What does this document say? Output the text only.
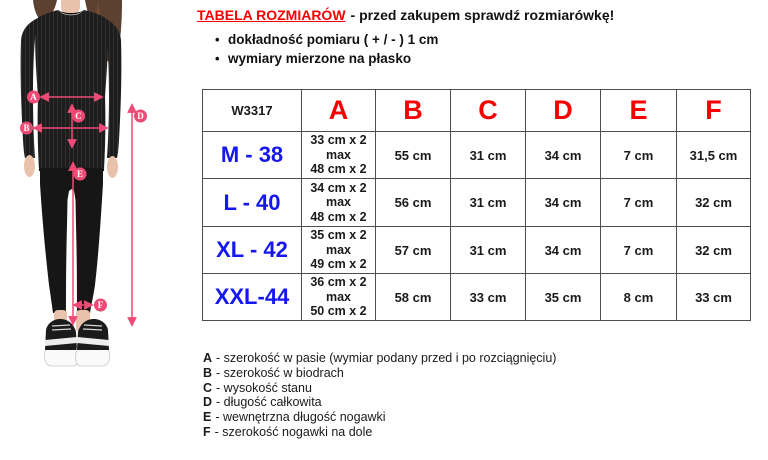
A
B
C	D
E
F
TABELA ROZMIARÓW - przed zakupem sprawdź rozmiarówkę!
• dokładność pomiaru ( + / - ) 1 cm
• wymiary mierzone na płasko
W3317	A	B	C	D	E	F
M - 38	33 cm x 2
max
48 cm x 2	55 cm	31 cm	34 cm	7 cm	31,5 cm
L - 40	34 cm x 2
max
48 cm x 2	56 cm	31 cm	34 cm	7 cm	32 cm
XL - 42	35 cm x 2
max
49 cm x 2	57 cm	31 cm	34 cm	7 cm	32 cm
XXL-44	36 cm x 2
max
50 cm x 2	58 cm	33 cm	35 cm	8 cm	33 cm
A - szerokość w pasie (wymiar podany przed i po rozciągnięciu)
B - szerokość w biodrach
C - wysokość stanu
D - długość całkowita
E - wewnętrzna długość nogawki
F - szerokość nogawki na dole
